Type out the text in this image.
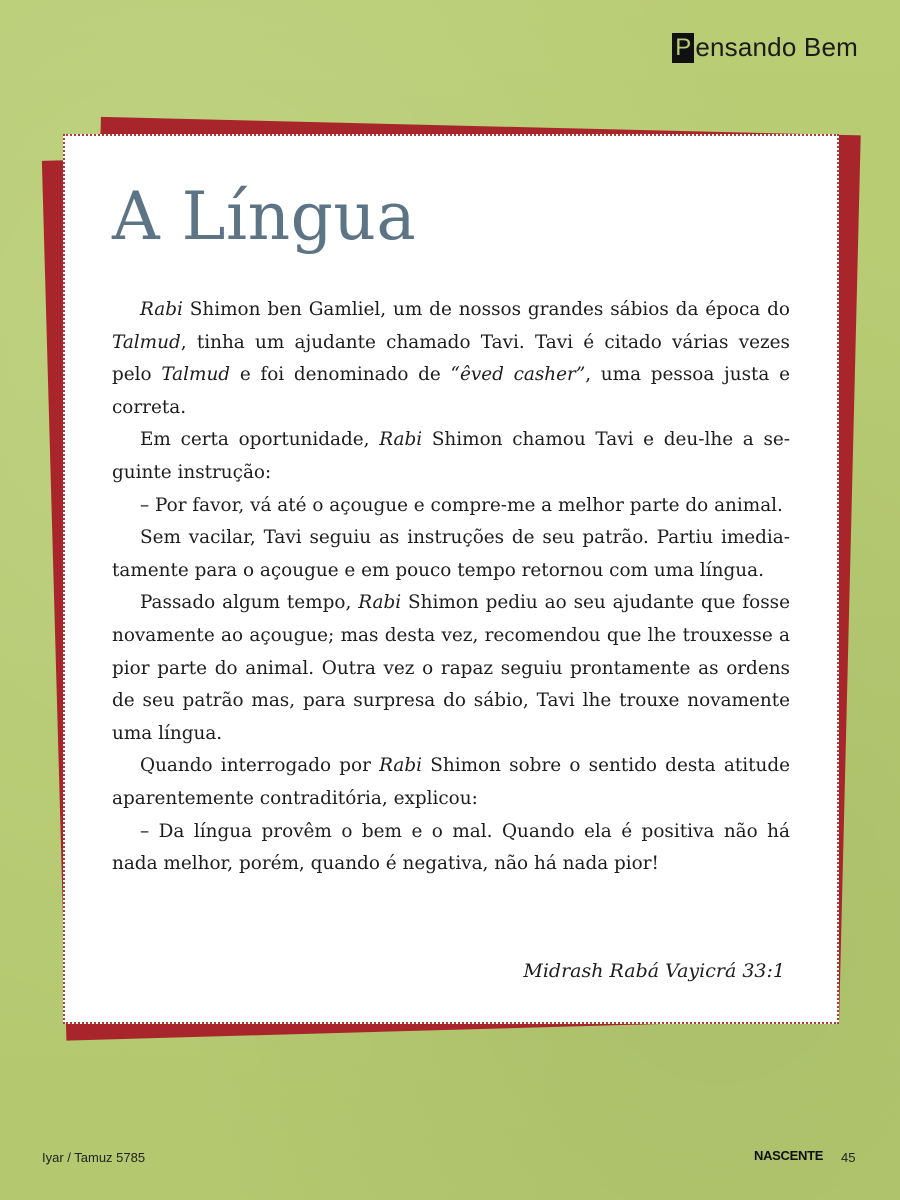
P ensando Bem
A Língua

Rabi Shimon ben Gamliel, um de nossos grandes sábios da época do Talmud, tinha um ajudante chamado Tavi. Tavi é citado várias vezes pelo Talmud e foi denominado de “êved casher”, uma pessoa justa e correta.

Em certa oportunidade, Rabi Shimon chamou Tavi e deu-lhe a seguinte instrução:

– Por favor, vá até o açougue e compre-me a melhor parte do animal.

Sem vacilar, Tavi seguiu as instruções de seu patrão. Partiu imediatamente para o açougue e em pouco tempo retornou com uma língua.

Passado algum tempo, Rabi Shimon pediu ao seu ajudante que fosse novamente ao açougue; mas desta vez, recomendou que lhe trouxesse a pior parte do animal. Outra vez o rapaz seguiu prontamente as ordens de seu patrão mas, para surpresa do sábio, Tavi lhe trouxe novamente uma língua.

Quando interrogado por Rabi Shimon sobre o sentido desta atitude aparentemente contraditória, explicou:

– Da língua provêm o bem e o mal. Quando ela é positiva não há nada melhor, porém, quando é negativa, não há nada pior!

Midrash Rabá Vayicrá 33:1
Iyar / Tamuz 5785	NASCENTE 45
